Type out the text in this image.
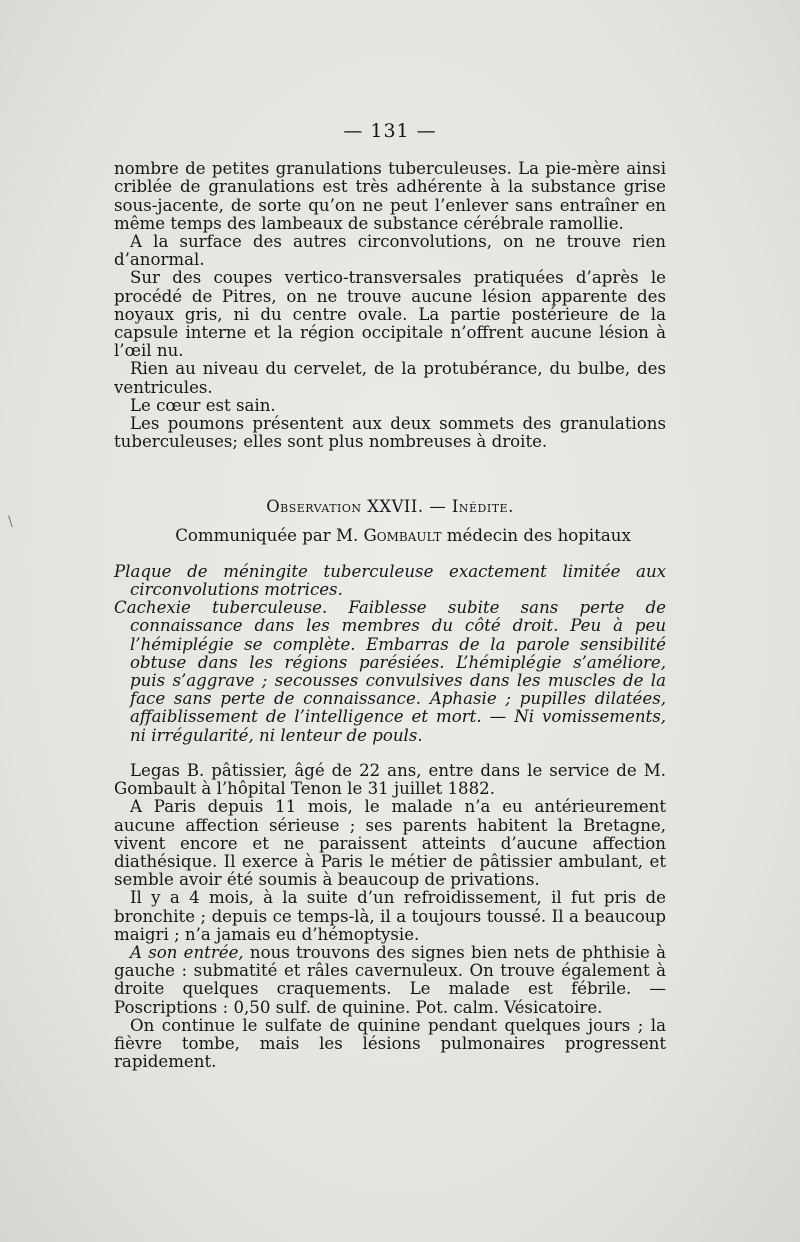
\
— 131 —

nombre de petites granulations tuberculeuses. La pie-mère ainsi criblée de granulations est très adhérente à la substance grise sous-jacente, de sorte qu’on ne peut l’enlever sans entraîner en même temps des lambeaux de substance cérébrale ramollie.

A la surface des autres circonvolutions, on ne trouve rien d’anormal.

Sur des coupes vertico-transversales pratiquées d’après le procédé de Pitres, on ne trouve aucune lésion apparente des noyaux gris, ni du centre ovale. La partie postérieure de la capsule interne et la région occipitale n’offrent aucune lésion à l’œil nu.

Rien au niveau du cervelet, de la protubérance, du bulbe, des ventricules.

Le cœur est sain.

Les poumons présentent aux deux sommets des granulations tuberculeuses; elles sont plus nombreuses à droite.

Observation XXVII. — Inédite.
Communiquée par M. Gombault médecin des hopitaux

Plaque de méningite tuberculeuse exactement limitée aux circonvolutions motrices.

Cachexie tuberculeuse. Faiblesse subite sans perte de connaissance dans les membres du côté droit. Peu à peu l’hémiplégie se complète. Embarras de la parole sensibilité obtuse dans les régions parésiées. L’hémiplégie s’améliore, puis s’aggrave ; secousses convulsives dans les muscles de la face sans perte de connaissance. Aphasie ; pupilles dilatées, affaiblissement de l’intelligence et mort. — Ni vomissements, ni irrégularité, ni lenteur de pouls.

Legas B. pâtissier, âgé de 22 ans, entre dans le service de M. Gombault à l’hôpital Tenon le 31 juillet 1882.

A Paris depuis 11 mois, le malade n’a eu antérieurement aucune affection sérieuse ; ses parents habitent la Bretagne, vivent encore et ne paraissent atteints d’aucune affection diathésique. Il exerce à Paris le métier de pâtissier ambulant, et semble avoir été soumis à beaucoup de privations.

Il y a 4 mois, à la suite d’un refroidissement, il fut pris de bronchite ; depuis ce temps-là, il a toujours toussé. Il a beaucoup maigri ; n’a jamais eu d’hémoptysie.

A son entrée, nous trouvons des signes bien nets de phthisie à gauche : submatité et râles cavernuleux. On trouve également à droite quelques craquements. Le malade est fébrile. — Poscriptions : 0,50 sulf. de quinine. Pot. calm. Vésicatoire.

On continue le sulfate de quinine pendant quelques jours ; la fièvre tombe, mais les lésions pulmonaires progressent rapidement.
